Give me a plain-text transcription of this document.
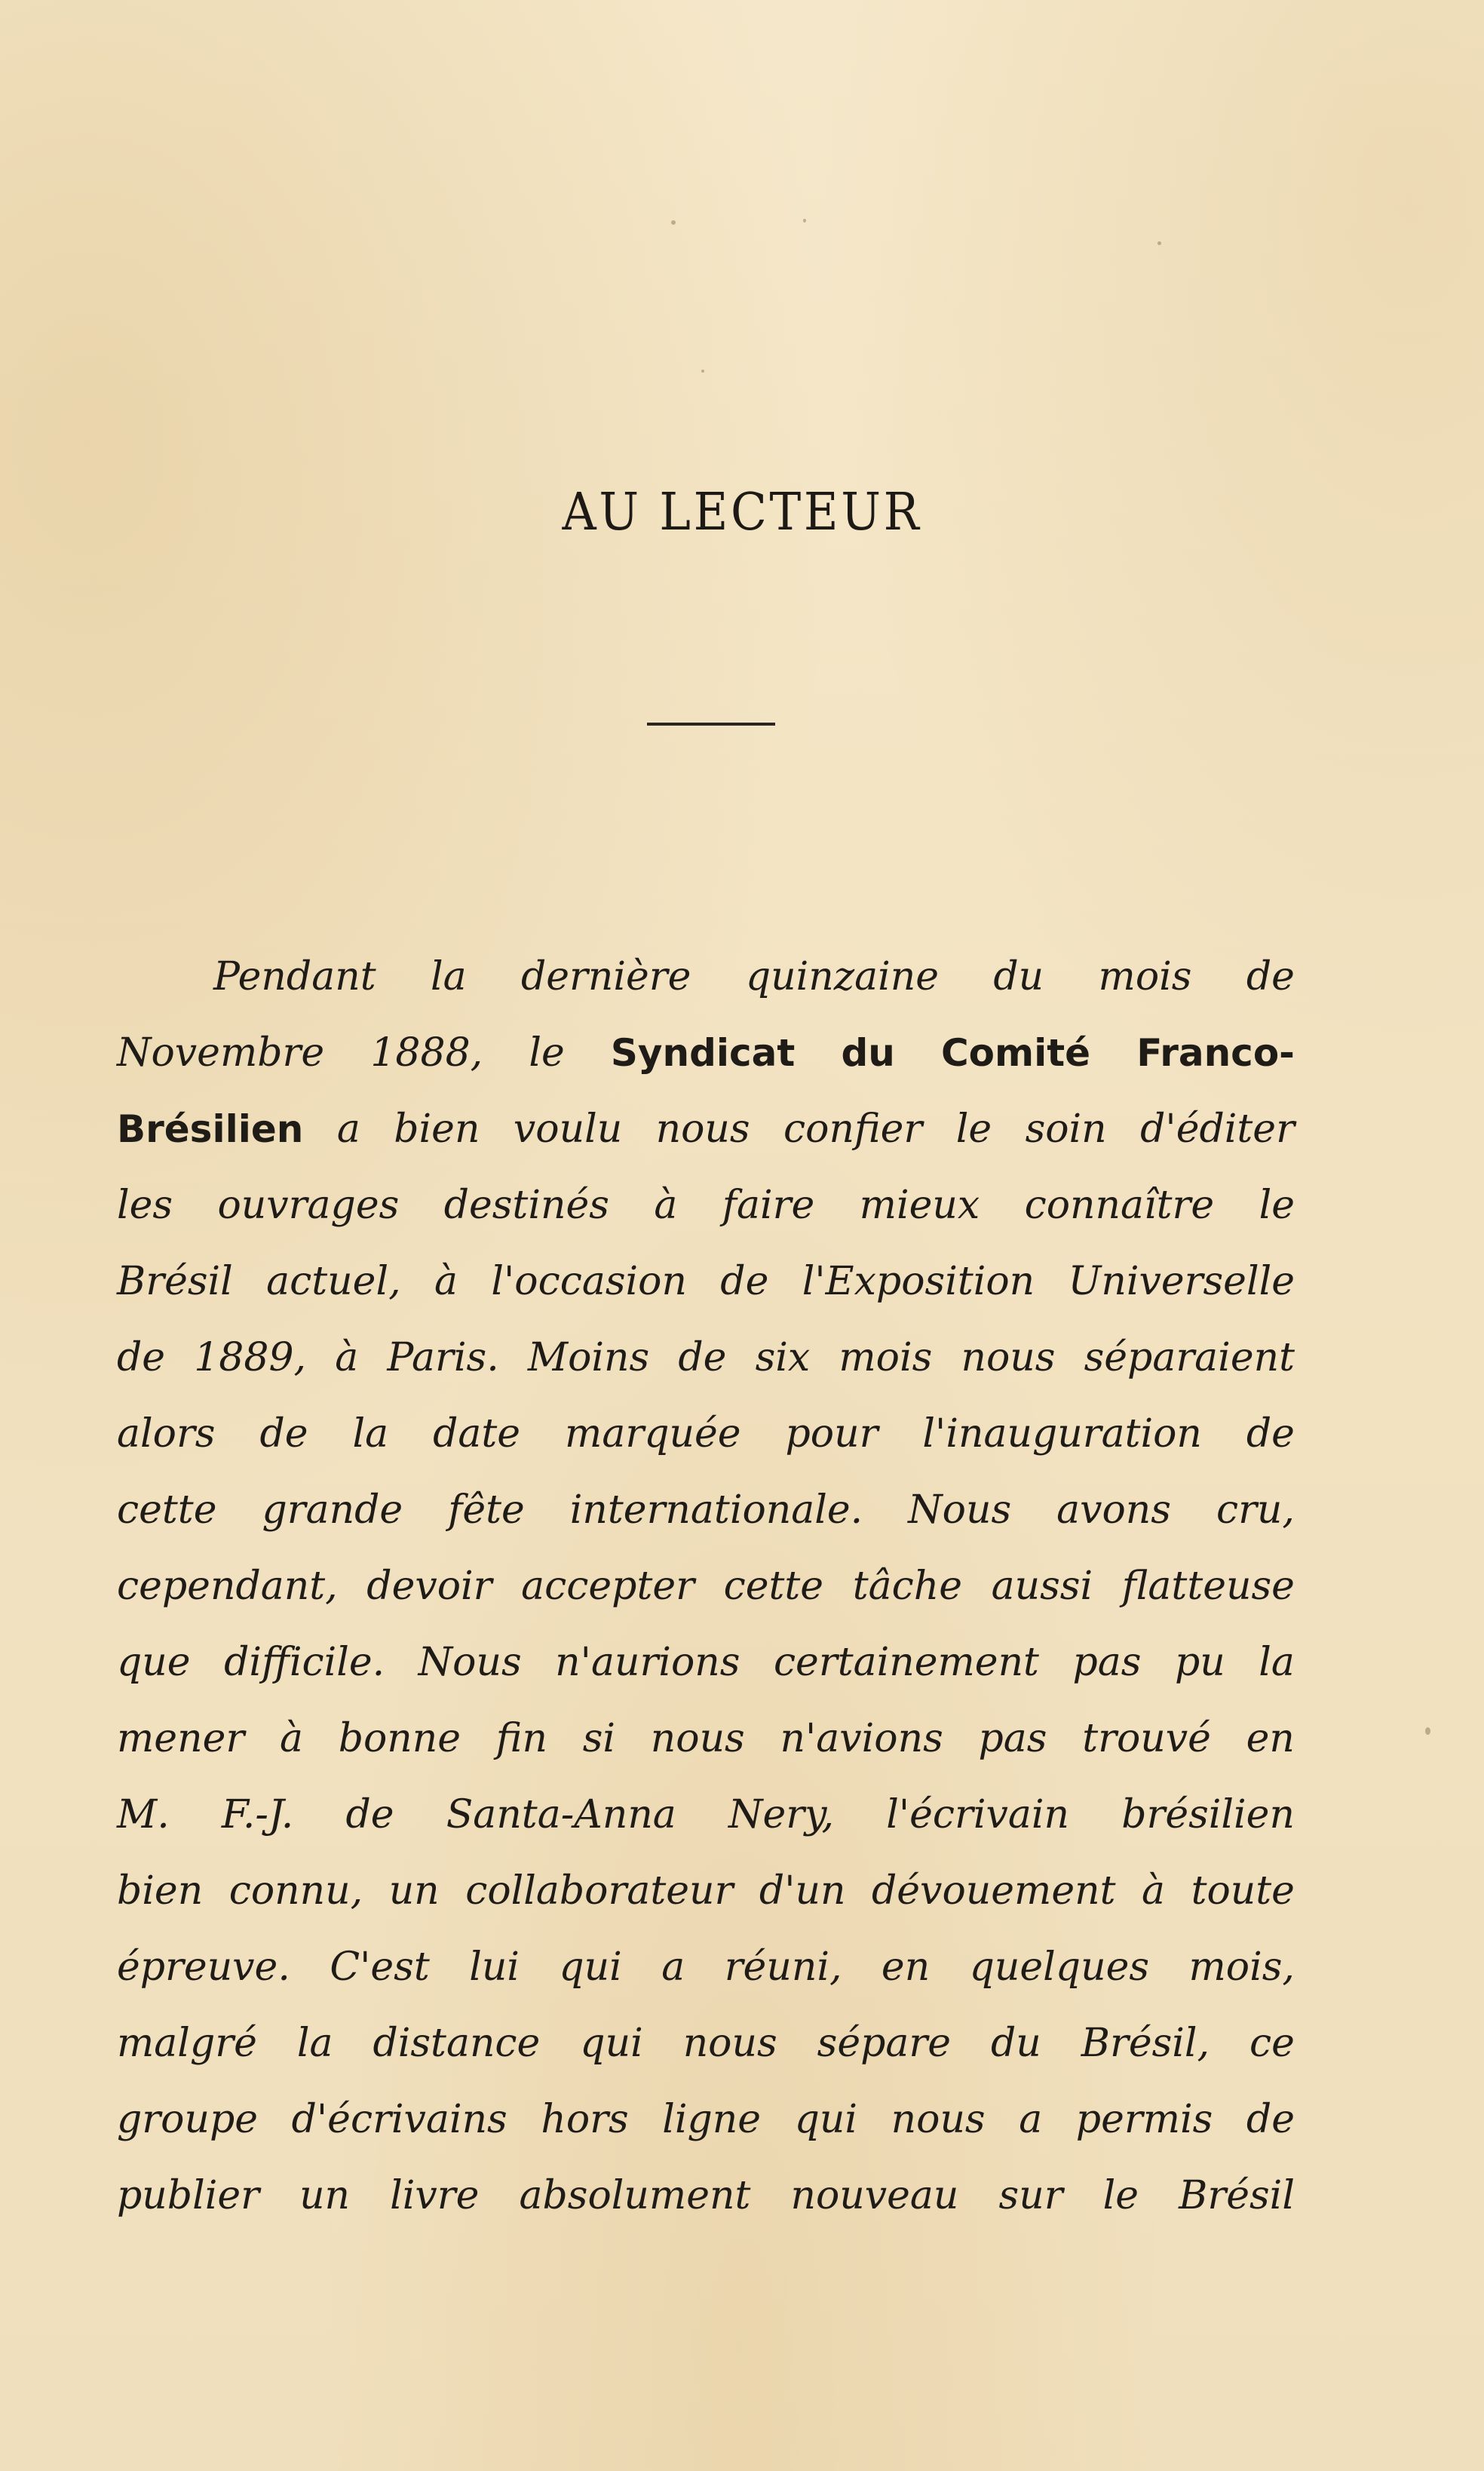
AU LECTEUR
Pendant la dernière quinzaine du mois de
Novembre 1888, le Syndicat du Comité Franco-
Brésilien a bien voulu nous confier le soin d'éditer
les ouvrages destinés à faire mieux connaître le
Brésil actuel, à l'occasion de l'Exposition Universelle
de 1889, à Paris. Moins de six mois nous séparaient
alors de la date marquée pour l'inauguration de
cette grande fête internationale. Nous avons cru,
cependant, devoir accepter cette tâche aussi flatteuse
que difficile. Nous n'aurions certainement pas pu la
mener à bonne fin si nous n'avions pas trouvé en
M. F.-J. de Santa-Anna Nery, l'écrivain brésilien
bien connu, un collaborateur d'un dévouement à toute
épreuve. C'est lui qui a réuni, en quelques mois,
malgré la distance qui nous sépare du Brésil, ce
groupe d'écrivains hors ligne qui nous a permis de
publier un livre absolument nouveau sur le Brésil
